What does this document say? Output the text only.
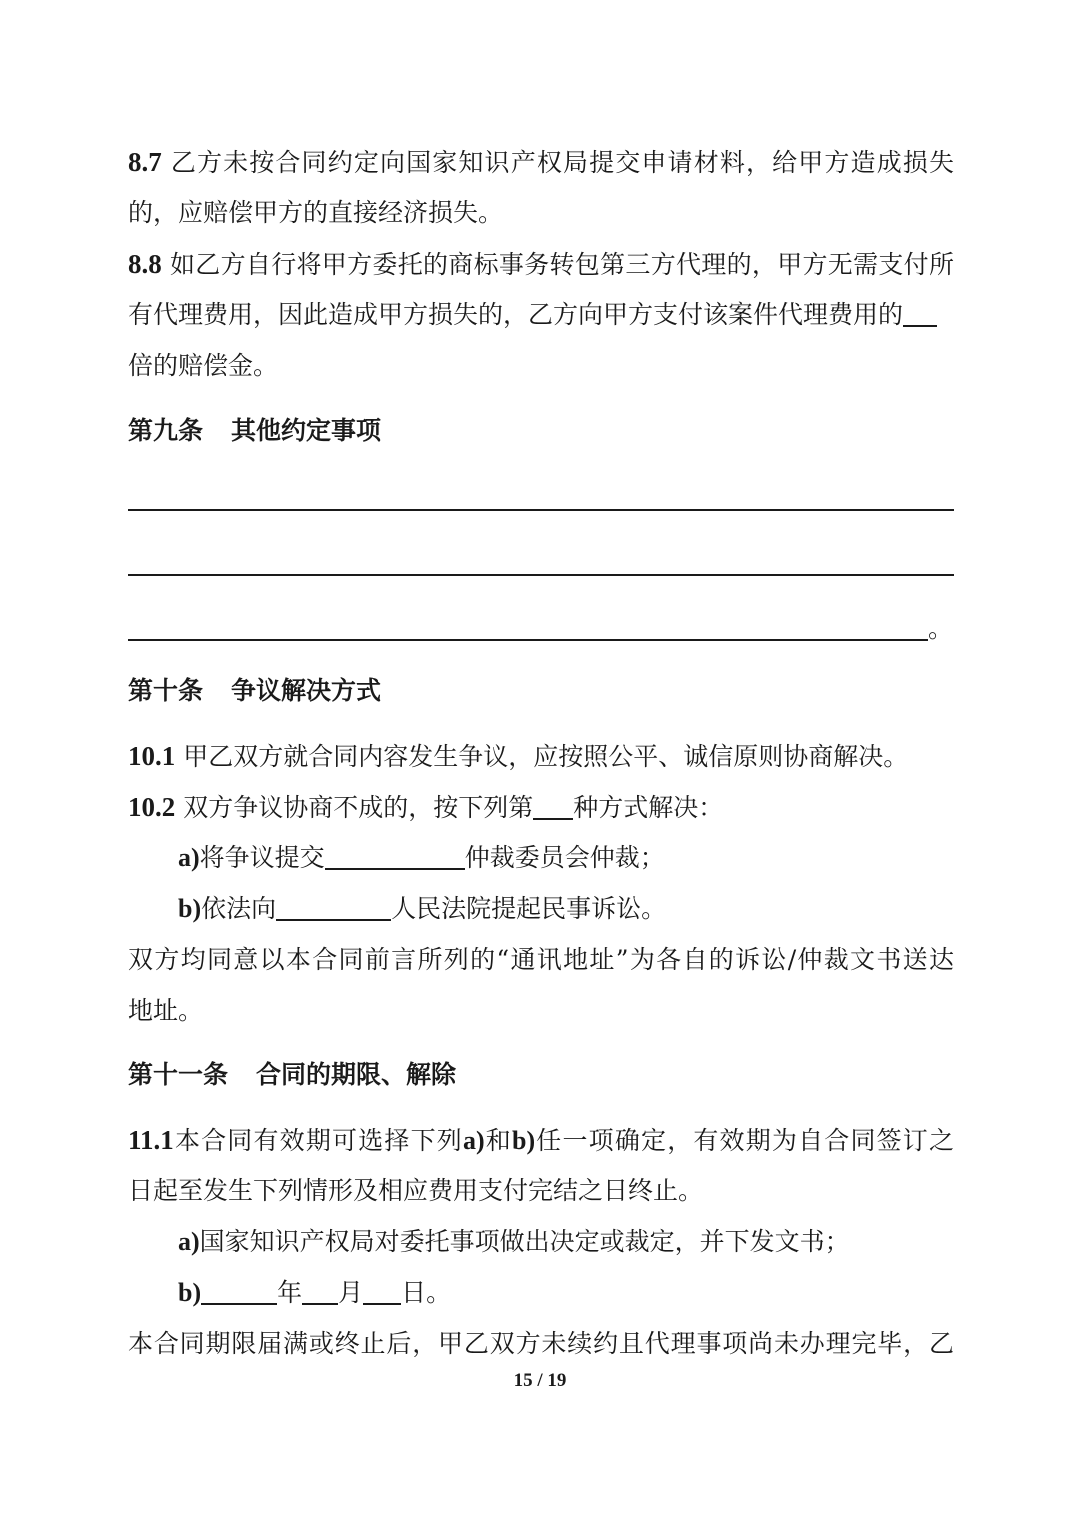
8.7 乙方未按合同约定向国家知识产权局提交申请材料，给甲方造成损失
的，应赔偿甲方的直接经济损失。
8.8 如乙方自行将甲方委托的商标事务转包第三方代理的，甲方无需支付所
有代理费用，因此造成甲方损失的，乙方向甲方支付该案件代理费用的
倍的赔偿金。
第九条 其他约定事项
。
第十条 争议解决方式
10.1 甲乙双方就合同内容发生争议，应按照公平、诚信原则协商解决。
10.2 双方争议协商不成的，按下列第 种方式解决：
a)将争议提交	仲裁委员会仲裁；
b)依法向	人民法院提起民事诉讼。
双方均同意以本合同前言所列的“通讯地址”为各自的诉讼/仲裁文书送达
地址。
第十一条 合同的期限、解除
11.1本合同有效期可选择下列a)和b)任一项确定，有效期为自合同签订之
日起至发生下列情形及相应费用支付完结之日终止。
a)国家知识产权局对委托事项做出决定或裁定，并下发文书；
b)	年 月 日。
本合同期限届满或终止后，甲乙双方未续约且代理事项尚未办理完毕，乙
15 / 19
